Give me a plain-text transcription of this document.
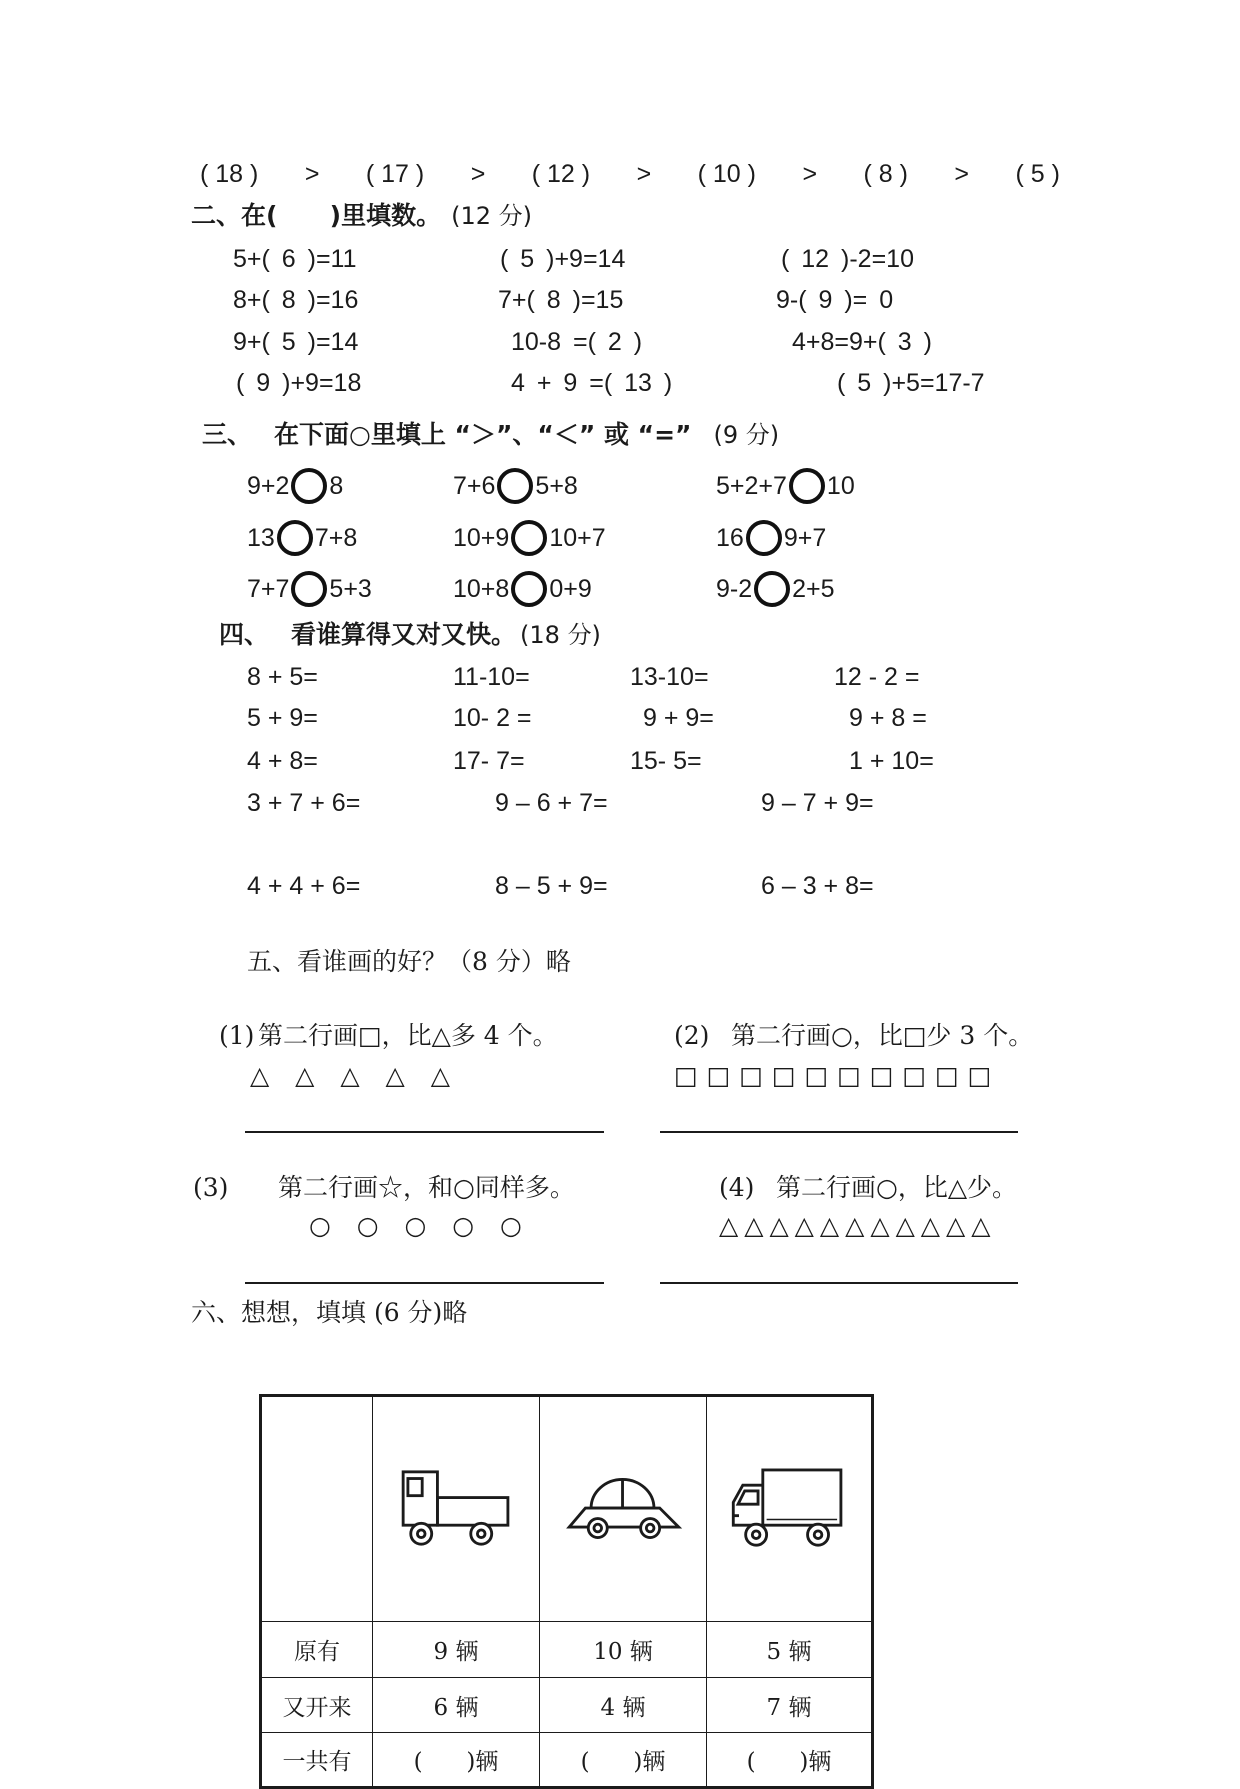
( 18 ) > ( 17 ) > ( 12 ) > ( 10 ) > ( 8 ) > ( 5 )
二、在(      )里填数。 (12 分)
5+( 6 )=11	( 5 )+9=14	( 12 )-2=10
8+( 8 )=16	7+( 8 )=15	9-( 9 )= 0
9+( 5 )=14	10-8 =( 2 )	4+8=9+( 3 )
( 9 )+9=18	4 + 9 =( 13 )	( 5 )+5=17-7
三、 在下面○里填上 “＞”、“＜” 或 “=” (9 分)
9+2 8	7+6 5+8	5+2+7 10
13 7+8	10+9 10+7	16 9+7
7+7 5+3	10+8 0+9	9-2 2+5
四、 看谁算得又对又快。 (18 分)
8 + 5=	11-10=	13-10=	12 - 2 =
5 + 9=	10- 2 =	9 + 9=	9 + 8 =
4 + 8=	17- 7=	15- 5=	1 + 10=
3 + 7 + 6=	9 – 6 + 7=	9 – 7 + 9=
4 + 4 + 6=	8 – 5 + 9=	6 – 3 + 8=
五、看谁画的好？（8 分）略
(1) 第二行画□，比△多 4 个。	(2) 第二行画○，比□少 3 个。
△ △ △ △ △	□□□□□□□□□□
(3) 第二行画☆，和○同样多。	(4) 第二行画○，比△少。
○ ○ ○ ○ ○	△△△△△△△△△△△
六、想想，填填 (6 分)略

原有	9 辆	10 辆	5 辆
又开来	6 辆	4 辆	7 辆
一共有	(      )辆	(      )辆	(      )辆
